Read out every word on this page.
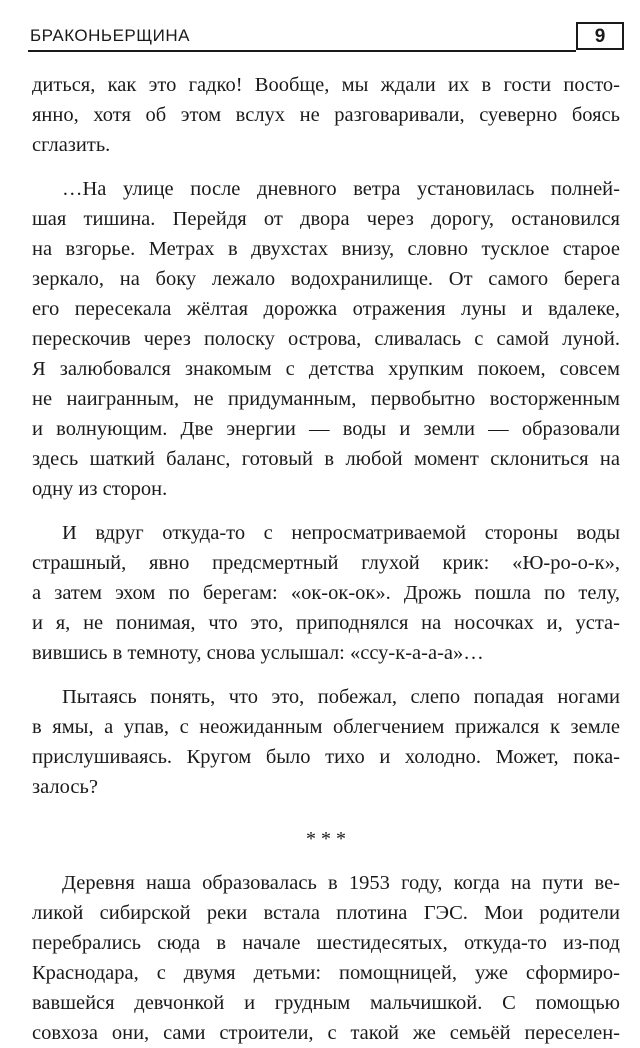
БРАКОНЬЕРЩИНА	9
диться, как это гадко! Вообще, мы ждали их в гости посто-
янно, хотя об этом вслух не разговаривали, суеверно боясь
сглазить.
…На улице после дневного ветра установилась полней-
шая тишина. Перейдя от двора через дорогу, остановился
на взгорье. Метрах в двухстах внизу, словно тусклое старое
зеркало, на боку лежало водохранилище. От самого берега
его пересекала жёлтая дорожка отражения луны и вдалеке,
перескочив через полоску острова, сливалась с самой луной.
Я залюбовался знакомым с детства хрупким покоем, совсем
не наигранным, не придуманным, первобытно восторженным
и волнующим. Две энергии — воды и земли — образовали
здесь шаткий баланс, готовый в любой момент склониться на
одну из сторон.
И вдруг откуда-то с непросматриваемой стороны воды
страшный, явно предсмертный глухой крик: «Ю-ро-о-к»,
а затем эхом по берегам: «ок-ок-ок». Дрожь пошла по телу,
и я, не понимая, что это, приподнялся на носочках и, уста-
вившись в темноту, снова услышал: «ссу-к-а-а-а»…
Пытаясь понять, что это, побежал, слепо попадая ногами
в ямы, а упав, с неожиданным облегчением прижался к земле
прислушиваясь. Кругом было тихо и холодно. Может, пока-
залось?
* * *
Деревня наша образовалась в 1953 году, когда на пути ве-
ликой сибирской реки встала плотина ГЭС. Мои родители
перебрались сюда в начале шестидесятых, откуда-то из-под
Краснодара, с двумя детьми: помощницей, уже сформиро-
вавшейся девчонкой и грудным мальчишкой. С помощью
совхоза они, сами строители, с такой же семьёй переселен-
